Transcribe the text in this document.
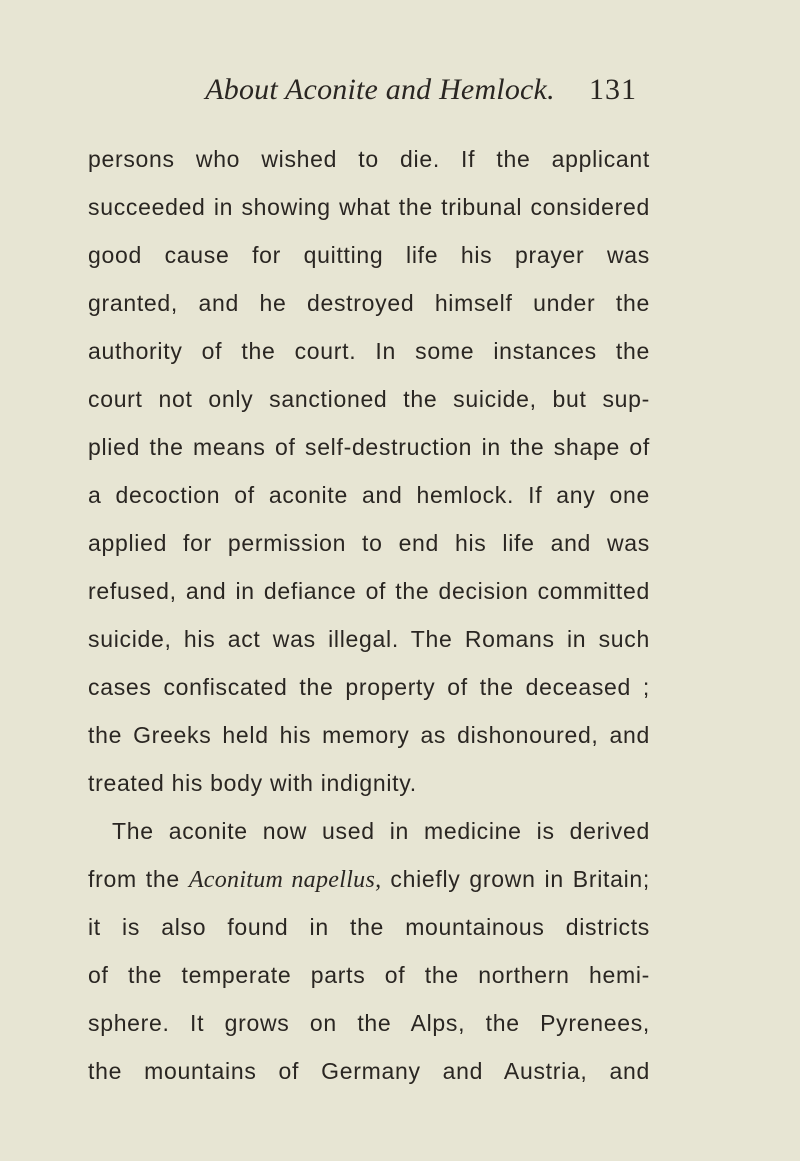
About Aconite and Hemlock. 131
persons who wished to die. If the applicant
succeeded in showing what the tribunal considered
good cause for quitting life his prayer was
granted, and he destroyed himself under the
authority of the court. In some instances the
court not only sanctioned the suicide, but sup-
plied the means of self-destruction in the shape of
a decoction of aconite and hemlock. If any one
applied for permission to end his life and was
refused, and in defiance of the decision committed
suicide, his act was illegal. The Romans in such
cases confiscated the property of the deceased ;
the Greeks held his memory as dishonoured, and
treated his body with indignity.
The aconite now used in medicine is derived
from the Aconitum napellus, chiefly grown in Britain;
it is also found in the mountainous districts
of the temperate parts of the northern hemi-
sphere. It grows on the Alps, the Pyrenees,
the mountains of Germany and Austria, and
